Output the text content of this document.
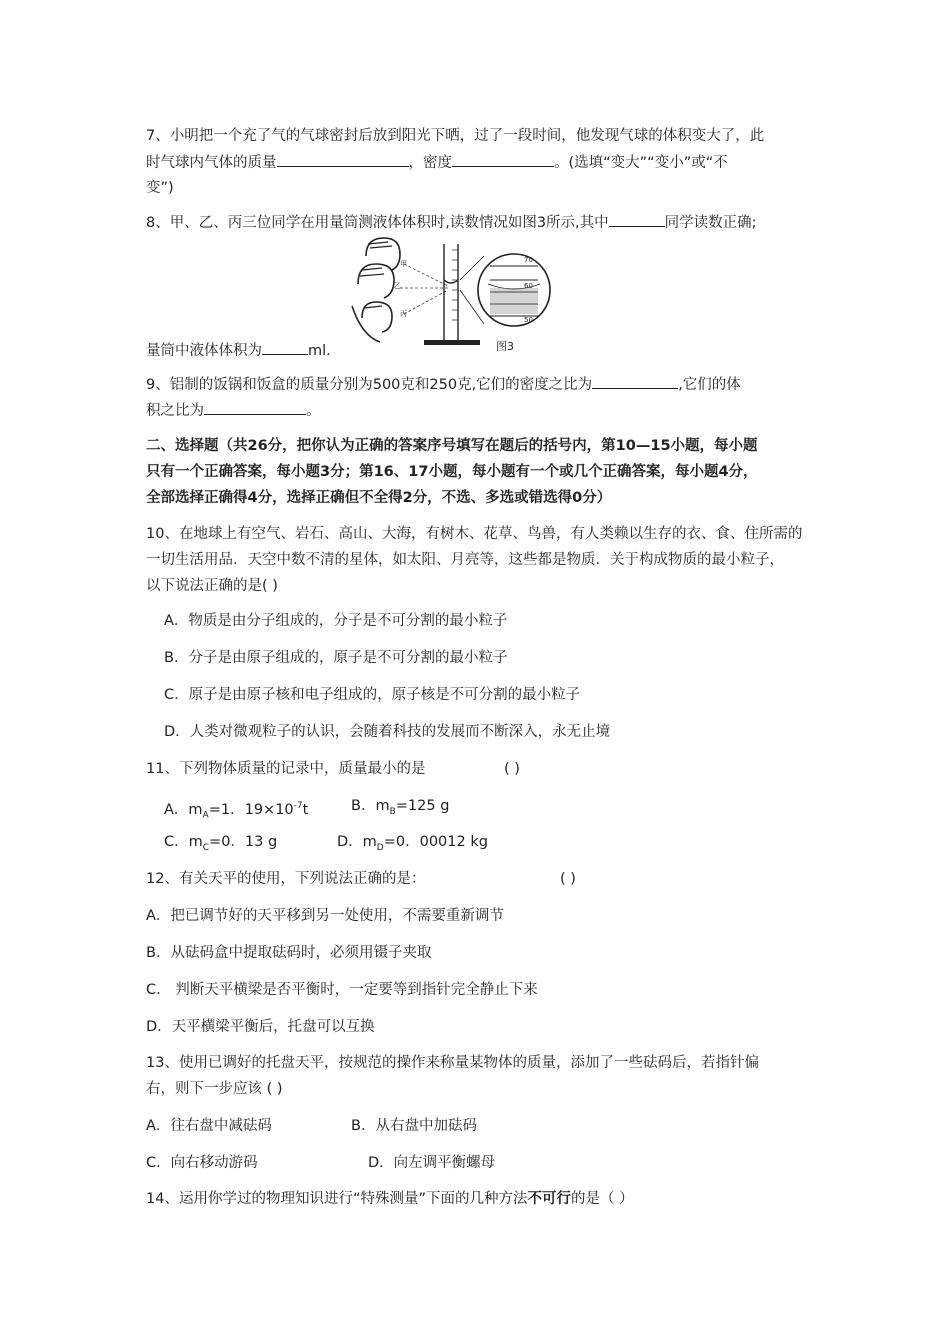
7、小明把一个充了气的气球密封后放到阳光下晒，过了一段时间，他发现气球的体积变大了，此
时气球内气体的质量	，密度	。(选填“变大”“变小”或“不
变”)
8、甲、乙、丙三位同学在用量筒测液体体积时,读数情况如图3所示,其中	同学读数正确;
甲
乙
丙
70
60
50
图3
量筒中液体体积为	ml.
9、铝制的饭锅和饭盒的质量分别为500克和250克,它们的密度之比为	,它们的体
积之比为	。
二、选择题（共26分，把你认为正确的答案序号填写在题后的括号内，第10—15小题，每小题
只有一个正确答案，每小题3分；第16、17小题，每小题有一个或几个正确答案，每小题4分，
全部选择正确得4分，选择正确但不全得2分，不选、多选或错选得0分）
10、在地球上有空气、岩石、高山、大海，有树木、花草、鸟兽，有人类赖以生存的衣、食、住所需的
一切生活用品．天空中数不清的星体，如太阳、月亮等，这些都是物质．关于构成物质的最小粒子，
以下说法正确的是( )
A．物质是由分子组成的，分子是不可分割的最小粒子
B．分子是由原子组成的，原子是不可分割的最小粒子
C．原子是由原子核和电子组成的，原子核是不可分割的最小粒子
D．人类对微观粒子的认识，会随着科技的发展而不断深入，永无止境
11、下列物体质量的记录中，质量最小的是	( )
A．$m_A=1$．$19\times 10^{-7}t$	B．$m_B=125$ g
C．$m_C=0$．13 g	D．$m_D=0$．00012 kg
12、有关天平的使用，下列说法正确的是：	( )
A．把已调节好的天平移到另一处使用，不需要重新调节
B．从砝码盒中提取砝码时，必须用镊子夹取
C． 判断天平横梁是否平衡时，一定要等到指针完全静止下来
D．天平横梁平衡后，托盘可以互换
13、使用已调好的托盘天平，按规范的操作来称量某物体的质量，添加了一些砝码后，若指针偏
右，则下一步应该 ( )
A．往右盘中减砝码	B．从右盘中加砝码
C．向右移动游码	D．向左调平衡螺母
14、运用你学过的物理知识进行“特殊测量”下面的几种方法不可行的是（ ）
